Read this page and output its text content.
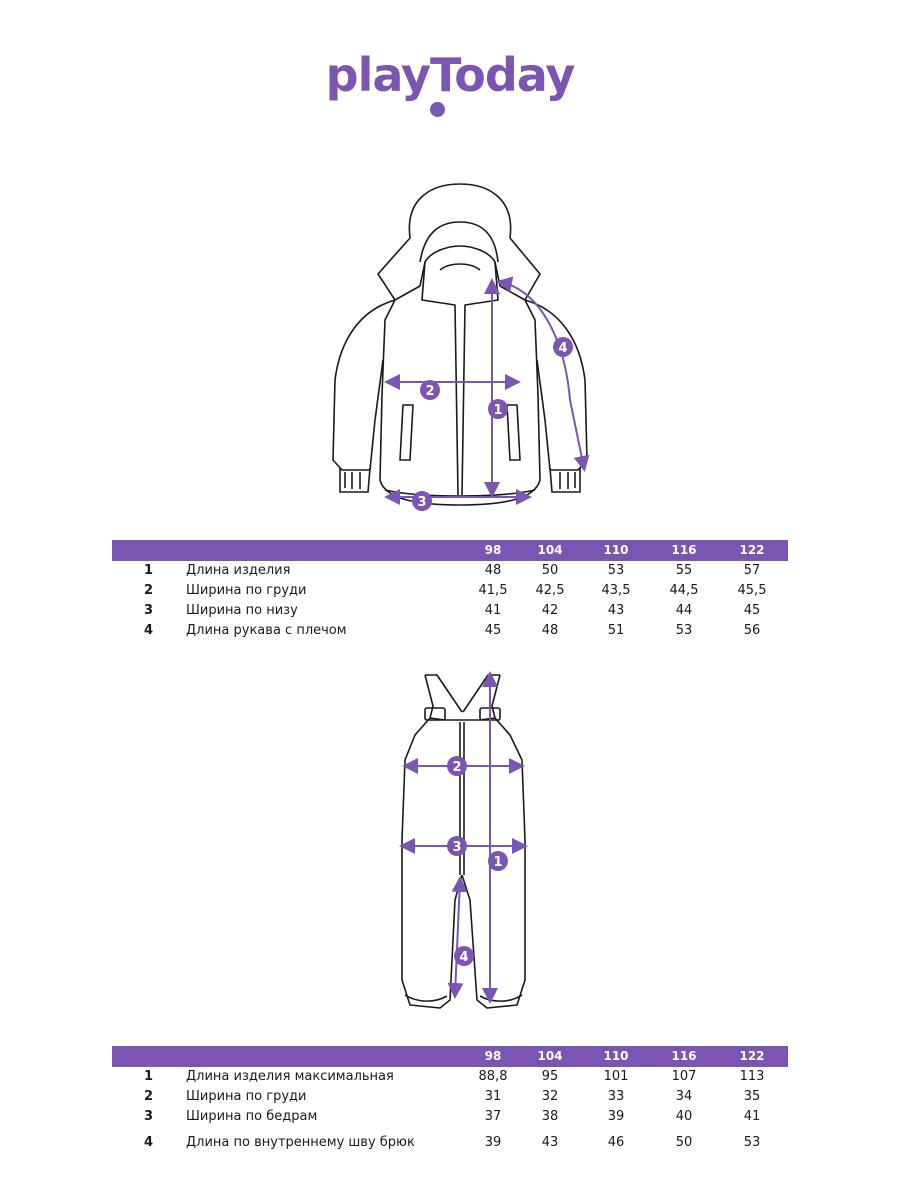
playToday
1
2
3
4
98	104	110	116	122
1	Длина изделия	48	50	53	55	57
2	Ширина по груди	41,5	42,5	43,5	44,5	45,5
3	Ширина по низу	41	42	43	44	45
4	Длина рукава с плечом	45	48	51	53	56
1
2
3
4
98	104	110	116	122
1	Длина изделия максимальная	88,8	95	101	107	113
2	Ширина по груди	31	32	33	34	35
3	Ширина по бедрам	37	38	39	40	41
4	Длина по внутреннему шву брюк	39	43	46	50	53
